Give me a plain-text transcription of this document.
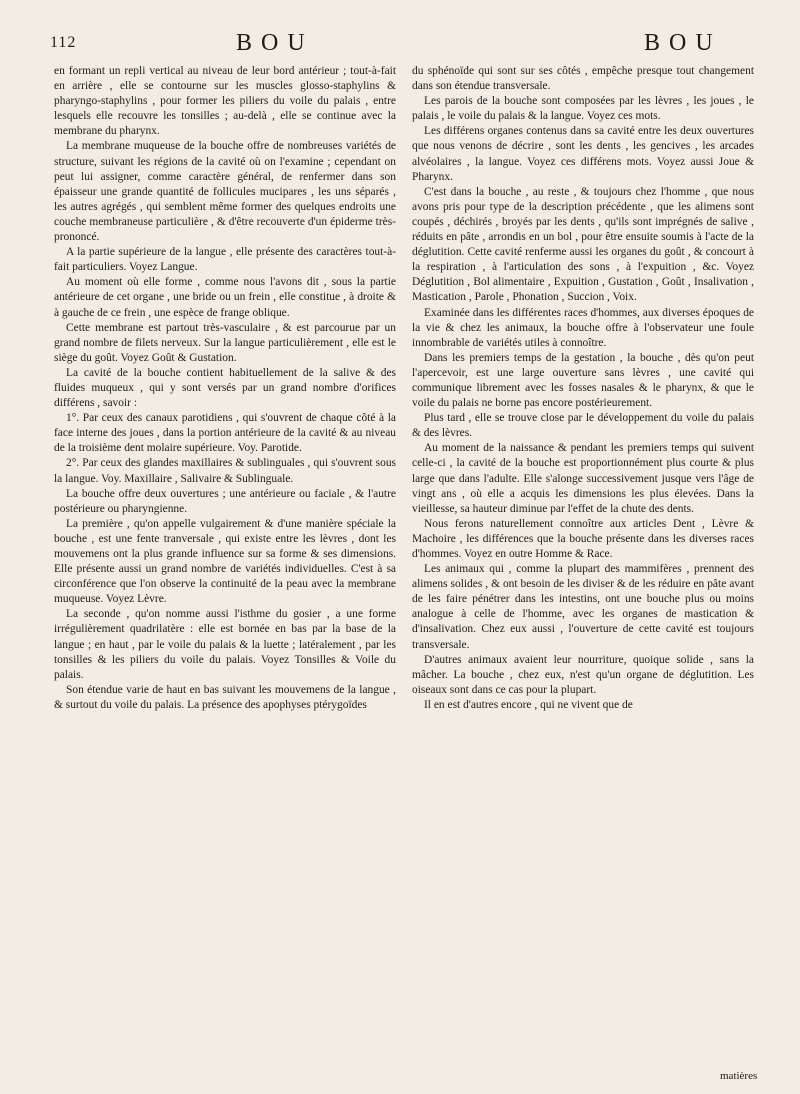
112	BOU	BOU

en formant un repli vertical au niveau de leur bord antérieur ; tout-à-fait en arrière , elle se contourne sur les muscles glosso-staphylins & pharyngo-staphylins , pour former les piliers du voile du palais , entre lesquels elle recouvre les tonsilles ; au-delà , elle se continue avec la membrane du pharynx.

La membrane muqueuse de la bouche offre de nombreuses variétés de structure, suivant les régions de la cavité où on l'examine ; cependant on peut lui assigner, comme caractère général, de renfermer dans son épaisseur une grande quantité de follicules mucipares , les uns séparés , les autres agrégés , qui semblent même former des quelques endroits une couche membraneuse particulière , & d'être recouverte d'un épiderme très-prononcé.

A la partie supérieure de la langue , elle présente des caractères tout-à-fait particuliers. Voyez Langue.

Au moment où elle forme , comme nous l'avons dit , sous la partie antérieure de cet organe , une bride ou un frein , elle constitue , à droite & à gauche de ce frein , une espèce de frange oblique.

Cette membrane est partout très-vasculaire , & est parcourue par un grand nombre de filets nerveux. Sur la langue particulièrement , elle est le siège du goût. Voyez Goût & Gustation.

La cavité de la bouche contient habituellement de la salive & des fluides muqueux , qui y sont versés par un grand nombre d'orifices différens , savoir :

1°. Par ceux des canaux parotidiens , qui s'ouvrent de chaque côté à la face interne des joues , dans la portion antérieure de la cavité & au niveau de la troisième dent molaire supérieure. Voy. Parotide.

2°. Par ceux des glandes maxillaires & sublinguales , qui s'ouvrent sous la langue. Voy. Maxillaire , Salivaire & Sublinguale.

La bouche offre deux ouvertures ; une antérieure ou faciale , & l'autre postérieure ou pharyngienne.

La première , qu'on appelle vulgairement & d'une manière spéciale la bouche , est une fente tranversale , qui existe entre les lèvres , dont les mouvemens ont la plus grande influence sur sa forme & ses dimensions. Elle présente aussi un grand nombre de variétés individuelles. C'est à sa circonférence que l'on observe la continuité de la peau avec la membrane muqueuse. Voyez Lèvre.

La seconde , qu'on nomme aussi l'isthme du gosier , a une forme irrégulièrement quadrilatère : elle est bornée en bas par la base de la langue ; en haut , par le voile du palais & la luette ; latéralement , par les tonsilles & les piliers du voile du palais. Voyez Tonsilles & Voile du palais.

Son étendue varie de haut en bas suivant les mouvemens de la langue , & surtout du voile du palais. La présence des apophyses ptérygoïdes

du sphénoïde qui sont sur ses côtés , empêche presque tout changement dans son étendue transversale.

Les parois de la bouche sont composées par les lèvres , les joues , le palais , le voile du palais & la langue. Voyez ces mots.

Les différens organes contenus dans sa cavité entre les deux ouvertures que nous venons de décrire , sont les dents , les gencives , les arcades alvéolaires , la langue. Voyez ces différens mots. Voyez aussi Joue & Pharynx.

C'est dans la bouche , au reste , & toujours chez l'homme , que nous avons pris pour type de la description précédente , que les alimens sont coupés , déchirés , broyés par les dents , qu'ils sont imprégnés de salive , réduits en pâte , arrondis en un bol , pour être ensuite soumis à l'acte de la déglutition. Cette cavité renferme aussi les organes du goût , & concourt à la respiration , à l'articulation des sons , à l'expuition , &c. Voyez Déglutition , Bol alimentaire , Expuition , Gustation , Goût , Insalivation , Mastication , Parole , Phonation , Succion , Voix.

Examinée dans les différentes races d'hommes, aux diverses époques de la vie & chez les animaux, la bouche offre à l'observateur une foule innombrable de variétés utiles à connoître.

Dans les premiers temps de la gestation , la bouche , dès qu'on peut l'apercevoir, est une large ouverture sans lèvres , une cavité qui communique librement avec les fosses nasales & le pharynx, & que le voile du palais ne borne pas encore postérieurement.

Plus tard , elle se trouve close par le développement du voile du palais & des lèvres.

Au moment de la naissance & pendant les premiers temps qui suivent celle-ci , la cavité de la bouche est proportionnément plus courte & plus large que dans l'adulte. Elle s'alonge successivement jusque vers l'âge de vingt ans , où elle a acquis les dimensions les plus élevées. Dans la vieillesse, sa hauteur diminue par l'effet de la chute des dents.

Nous ferons naturellement connoître aux articles Dent , Lèvre & Machoire , les différences que la bouche présente dans les diverses races d'hommes. Voyez en outre Homme & Race.

Les animaux qui , comme la plupart des mammifères , prennent des alimens solides , & ont besoin de les diviser & de les réduire en pâte avant de les faire pénétrer dans les intestins, ont une bouche plus ou moins analogue à celle de l'homme, avec les organes de mastication & d'insalivation. Chez eux aussi , l'ouverture de cette cavité est toujours transversale.

D'autres animaux avaient leur nourriture, quoique solide , sans la mâcher. La bouche , chez eux, n'est qu'un organe de déglutition. Les oiseaux sont dans ce cas pour la plupart.

Il en est d'autres encore , qui ne vivent que de

matières
